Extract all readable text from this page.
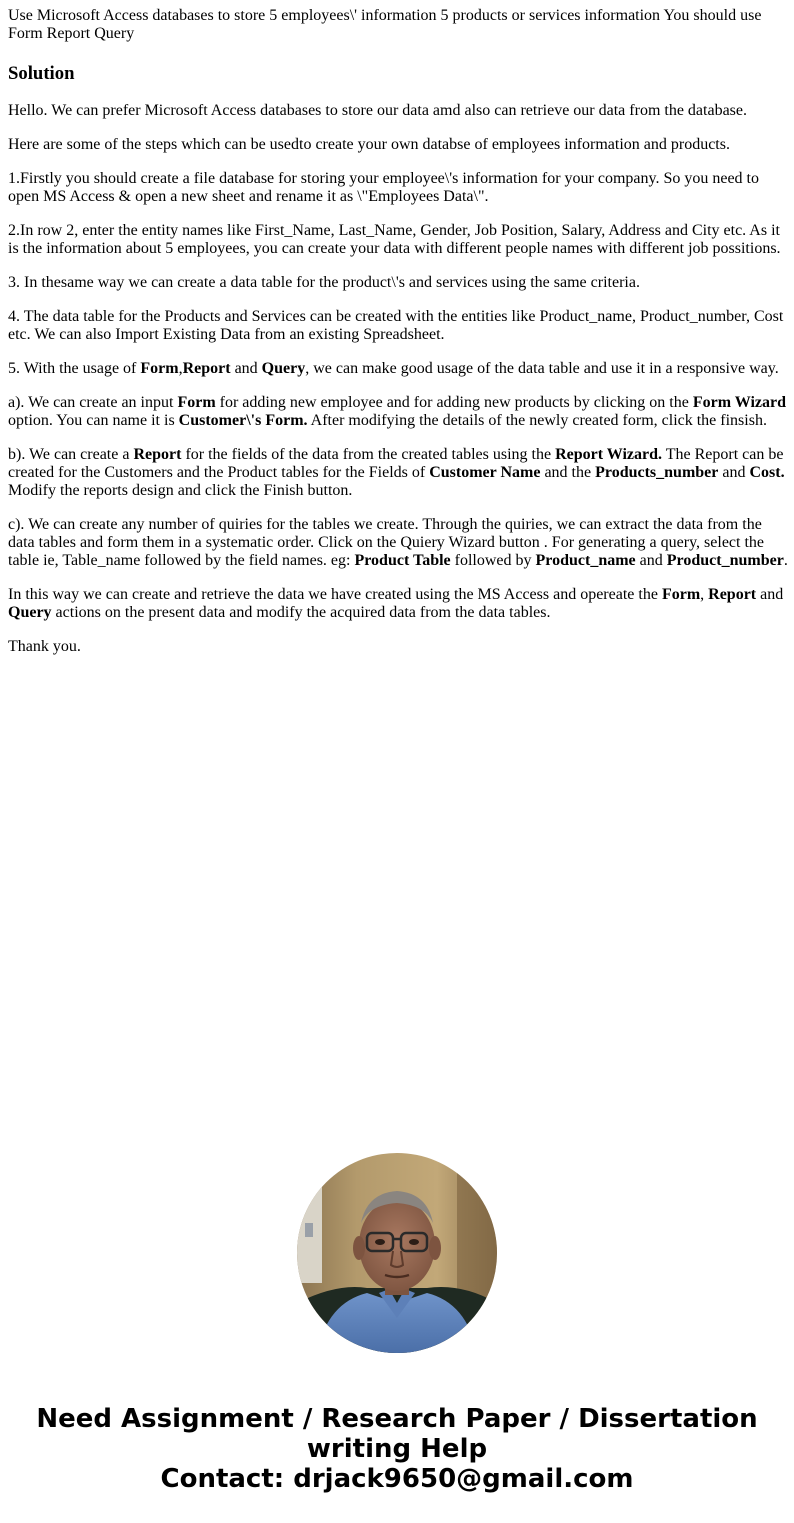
Use Microsoft Access databases to store 5 employees\' information 5 products or services information You should use Form Report Query
Solution

Hello. We can prefer Microsoft Access databases to store our data amd also can retrieve our data from the database.

Here are some of the steps which can be usedto create your own databse of employees information and products.

1.Firstly you should create a file database for storing your employee\'s information for your company. So you need to open MS Access & open a new sheet and rename it as \"Employees Data\".

2.In row 2, enter the entity names like First_Name, Last_Name, Gender, Job Position, Salary, Address and City etc. As it is the information about 5 employees, you can create your data with different people names with different job possitions.

3. In thesame way we can create a data table for the product\'s and services using the same criteria.

4. The data table for the Products and Services can be created with the entities like Product_name, Product_number, Cost etc. We can also Import Existing Data from an existing Spreadsheet.

5. With the usage of Form,Report and Query, we can make good usage of the data table and use it in a responsive way.

a). We can create an input Form for adding new employee and for adding new products by clicking on the Form Wizard option. You can name it is Customer\'s Form. After modifying the details of the newly created form, click the finsish.

b). We can create a Report for the fields of the data from the created tables using the Report Wizard. The Report can be created for the Customers and the Product tables for the Fields of Customer Name and the Products_number and Cost. Modify the reports design and click the Finish button.

c). We can create any number of quiries for the tables we create. Through the quiries, we can extract the data from the data tables and form them in a systematic order. Click on the Quiery Wizard button . For generating a query, select the table ie, Table_name followed by the field names. eg: Product Table followed by Product_name and Product_number.

In this way we can create and retrieve the data we have created using the MS Access and opereate the Form, Report and Query actions on the present data and modify the acquired data from the data tables.

Thank you.

Need Assignment / Research Paper / Dissertation
writing Help
Contact: drjack9650@gmail.com
